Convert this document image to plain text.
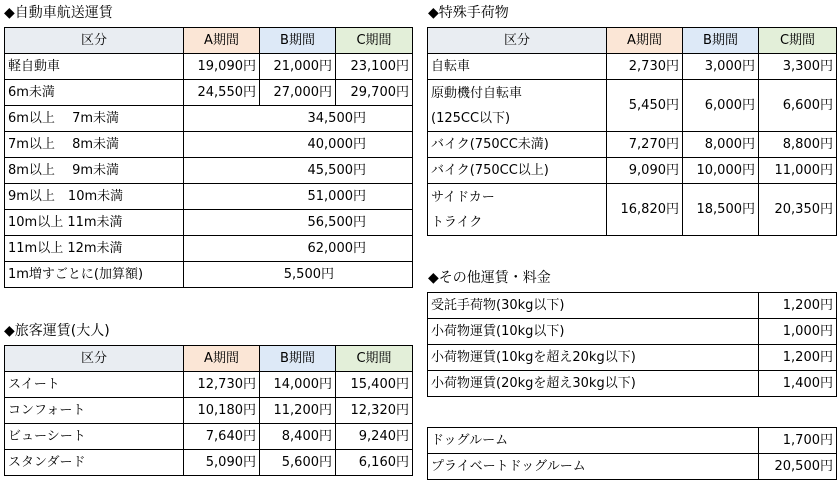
◆自動車航送運賃
区分	A期間	B期間	C期間
軽自動車	19,090円	21,000円	23,100円
6m未満	24,550円	27,000円	29,700円
6m以上　 7m未満	34,500円		
7m以上　 8m未満	40,000円		
8m以上　 9m未満	45,500円		
9m以上　10m未満	51,000円		
10m以上 11m未満	56,500円		
11m以上 12m未満	62,000円		
1m増すごとに(加算額)	5,500円		
◆旅客運賃(大人)
区分	A期間	B期間	C期間
スイート	12,730円	14,000円	15,400円
コンフォート	10,180円	11,200円	12,320円
ビューシート	7,640円	8,400円	9,240円
スタンダード	5,090円	5,600円	6,160円
◆特殊手荷物
区分	A期間	B期間	C期間
自転車	2,730円	3,000円	3,300円

原動機付自転車
(125CC以下)	5,450円	6,000円	6,600円
バイク(750CC未満)	7,270円	8,000円	8,800円
バイク(750CC以上)	9,090円	10,000円	11,000円

サイドカー
トライク	16,820円	18,500円	20,350円
◆その他運賃・料金
受託手荷物(30kg以下)	1,200円
小荷物運賃(10kg以下)	1,000円
小荷物運賃(10kgを超え20kg以下)	1,200円
小荷物運賃(20kgを超え30kg以下)	1,400円
ドッグルーム	1,700円
プライベートドッグルーム	20,500円
